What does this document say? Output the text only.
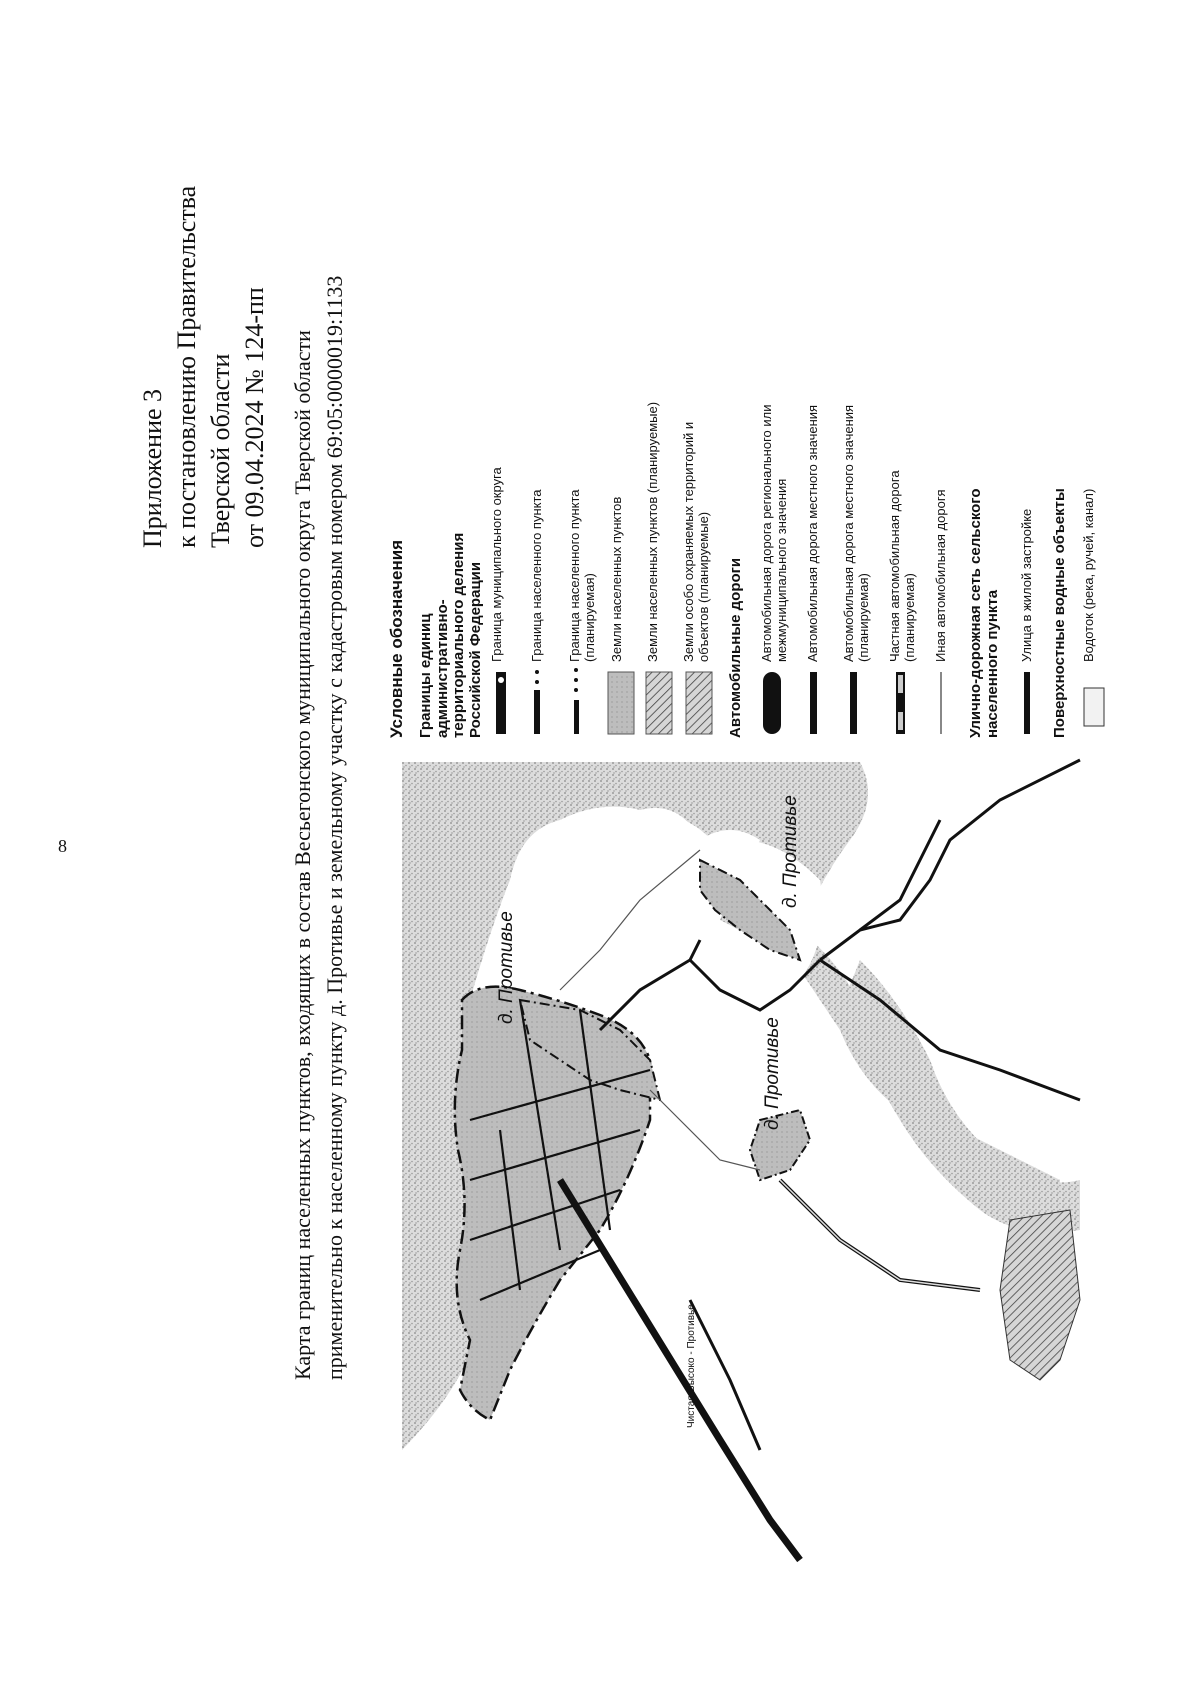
8
Приложение 3 к постановлению Правительства Тверской области от 09.04.2024 № 124-пп Карта границ населенных пунктов, входящих в состав Весьегонского муниципального округа Тверской области применительно к населенному пункту д. Противье и земельному участку с кадастровым номером 69:05:0000019:1133 Условные обозначения Границы единиц административно-территориального деления Российской Федерации Граница муниципального округа Граница населенного пункта Граница населенного пункта (планируемая) Земли населенных пунктов Земли населенных пунктов (планируемые) Земли особо охраняемых территорий и объектов (планируемые) Автомобильные дороги Автомобильная дорога регионального или межмуниципального значения Автомобильная дорога местного значения Автомобильная дорога местного значения (планируемая) Частная автомобильная дорога (планируемая) Иная автомобильная дорогя Улично-дорожная сеть сельского населенного пункта
Улица в жилой застройке Поверхностные водные объекты Водоток (река, ручей, канал)
д. Противье
д. Противье
д. Противье
Чистая-Высоко - Противье
